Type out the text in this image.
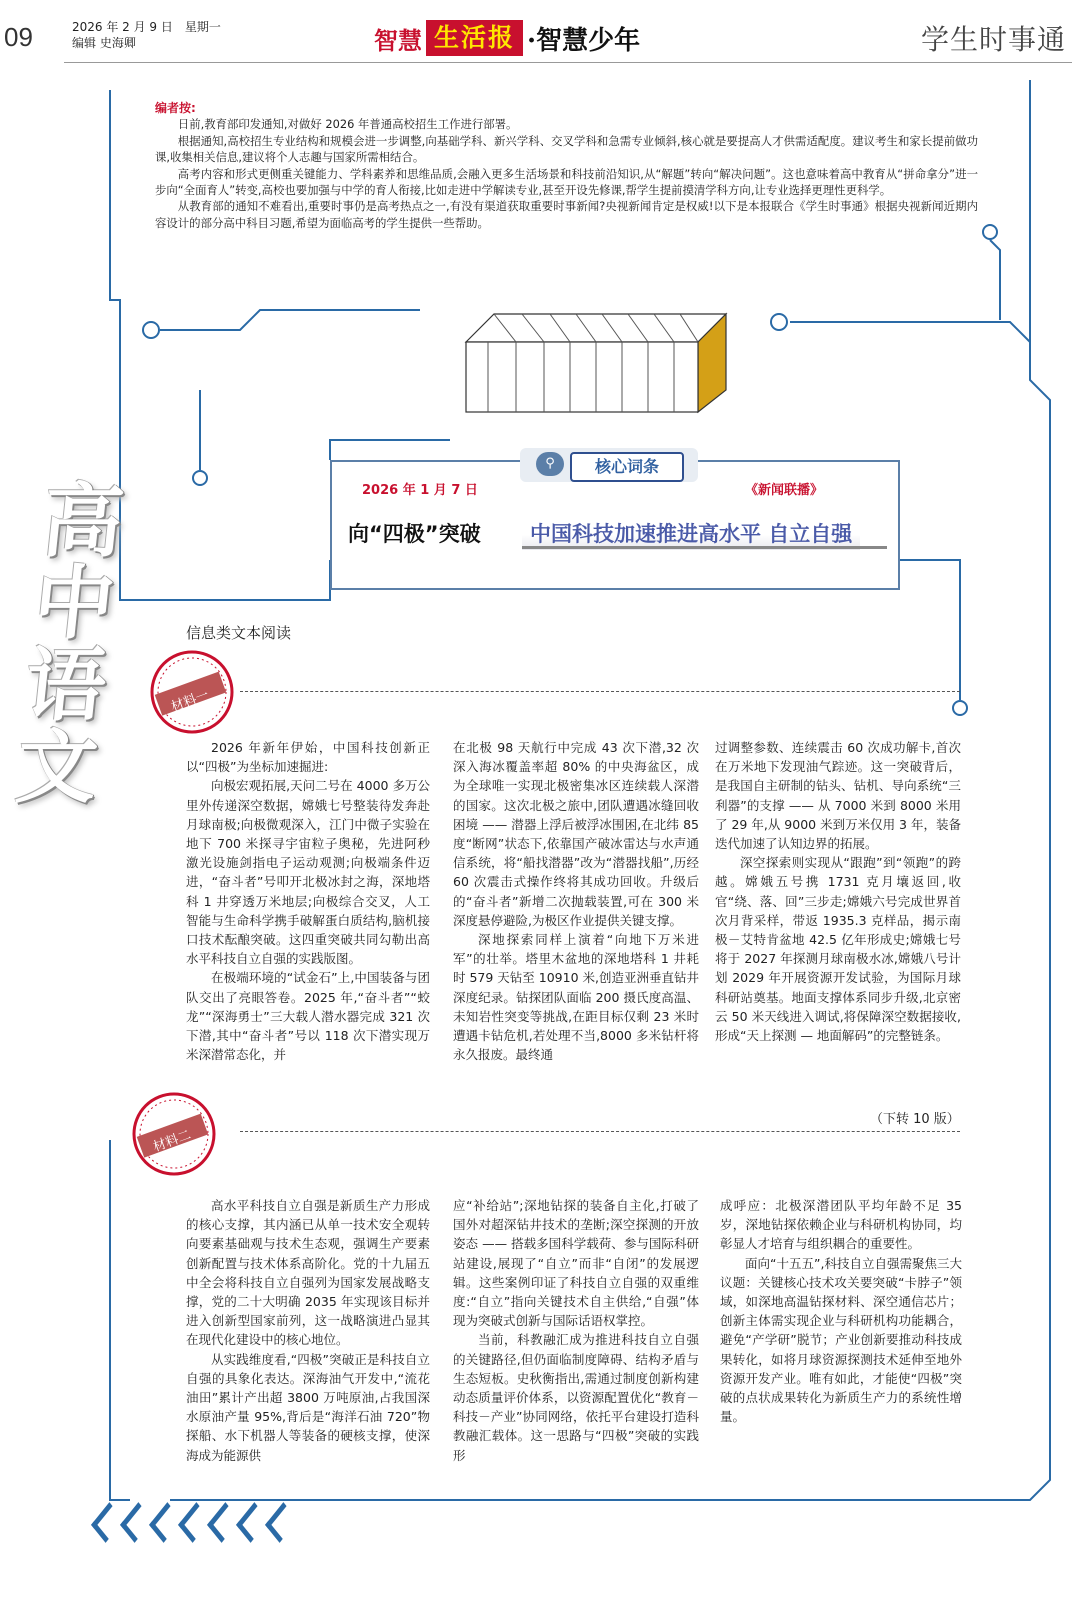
09	2026 年 2 月 9 日　星期一
编辑 史海卿	智慧 生活报 ·智慧少年	学生时事通
编者按:

日前,教育部印发通知,对做好 2026 年普通高校招生工作进行部署。

根据通知,高校招生专业结构和规模会进一步调整,向基础学科、新兴学科、交叉学科和急需专业倾斜,核心就是要提高人才供需适配度。建议考生和家长提前做功课,收集相关信息,建议将个人志趣与国家所需相结合。

高考内容和形式更侧重关键能力、学科素养和思维品质,会融入更多生活场景和科技前沿知识,从“解题”转向“解决问题”。这也意味着高中教育从“拼命拿分”进一步向“全面育人”转变,高校也要加强与中学的育人衔接,比如走进中学解读专业,甚至开设先修课,帮学生提前摸清学科方向,让专业选择更理性更科学。

从教育部的通知不难看出,重要时事仍是高考热点之一,有没有渠道获取重要时事新闻?央视新闻肯定是权威!以下是本报联合《学生时事通》根据央视新闻近期内容设计的部分高中科目习题,希望为面临高考的学生提供一些帮助。

高中语文
⚲	核心词条
2026 年 1 月 7 日	《新闻联播》
向“四极”突破	中国科技加速推进高水平 自立自强
信息类文本阅读
材料一

2026 年新年伊始，中国科技创新正以“四极”为坐标加速掘进:

向极宏观拓展,天问二号在 4000 多万公里外传递深空数据，嫦娥七号整装待发奔赴月球南极;向极微观深入，江门中微子实验在地下 700 米探寻宇宙粒子奥秘，先进阿秒激光设施剑指电子运动观测;向极端条件迈进，“奋斗者”号叩开北极冰封之海，深地塔科 1 井穿透万米地层;向极综合交叉，人工智能与生命科学携手破解蛋白质结构,脑机接口技术酝酿突破。这四重突破共同勾勒出高水平科技自立自强的实践版图。

在极端环境的“试金石”上,中国装备与团队交出了亮眼答卷。2025 年,“奋斗者”“蛟龙”“深海勇士”三大载人潜水器完成 321 次下潜,其中“奋斗者”号以 118 次下潜实现万米深潜常态化，并

在北极 98 天航行中完成 43 次下潜,32 次深入海冰覆盖率超 80% 的中央海盆区，成为全球唯一实现北极密集冰区连续载人深潜的国家。这次北极之旅中,团队遭遇冰缝回收困境 —— 潜器上浮后被浮冰围困,在北纬 85 度“断网”状态下,依靠国产破冰雷达与水声通信系统，将“船找潜器”改为“潜器找船”,历经 60 次震击式操作终将其成功回收。升级后的“奋斗者”新增二次抛载装置,可在 300 米深度悬停避险,为极区作业提供关键支撑。

深地探索同样上演着“向地下万米进军”的壮举。塔里木盆地的深地塔科 1 井耗时 579 天钻至 10910 米,创造亚洲垂直钻井深度纪录。钻探团队面临 200 摄氏度高温、未知岩性突变等挑战,在距目标仅剩 23 米时遭遇卡钻危机,若处理不当,8000 多米钻杆将永久报废。最终通

过调整参数、连续震击 60 次成功解卡,首次在万米地下发现油气踪迹。这一突破背后，是我国自主研制的钻头、钻机、导向系统“三利器”的支撑 —— 从 7000 米到 8000 米用了 29 年,从 9000 米到万米仅用 3 年，装备迭代加速了认知边界的拓展。

深空探索则实现从“跟跑”到“领跑”的跨越。嫦娥五号携 1731 克月壤返回,收官“绕、落、回”三步走;嫦娥六号完成世界首次月背采样，带返 1935.3 克样品，揭示南极－艾特肯盆地 42.5 亿年形成史;嫦娥七号将于 2027 年探测月球南极水冰,嫦娥八号计划 2029 年开展资源开发试验，为国际月球科研站奠基。地面支撑体系同步升级,北京密云 50 米天线进入调试,将保障深空数据接收,形成“天上探测 — 地面解码”的完整链条。

材料二

高水平科技自立自强是新质生产力形成的核心支撑，其内涵已从单一技术安全观转向要素基础观与技术生态观，强调生产要素创新配置与技术体系高阶化。党的十九届五中全会将科技自立自强列为国家发展战略支撑，党的二十大明确 2035 年实现该目标并进入创新型国家前列，这一战略演进凸显其在现代化建设中的核心地位。

从实践维度看,“四极”突破正是科技自立自强的具象化表达。深海油气开发中,“流花油田”累计产出超 3800 万吨原油,占我国深水原油产量 95%,背后是“海洋石油 720”物探船、水下机器人等装备的硬核支撑，使深海成为能源供

应“补给站”;深地钻探的装备自主化,打破了国外对超深钻井技术的垄断;深空探测的开放姿态 —— 搭载多国科学载荷、参与国际科研站建设,展现了“自立”而非“自闭”的发展逻辑。这些案例印证了科技自立自强的双重维度:“自立”指向关键技术自主供给,“自强”体现为突破式创新与国际话语权掌控。

当前，科教融汇成为推进科技自立自强的关键路径,但仍面临制度障碍、结构矛盾与生态短板。史秋衡指出,需通过制度创新构建动态质量评价体系，以资源配置优化“教育－科技－产业”协同网络，依托平台建设打造科教融汇载体。这一思路与“四极”突破的实践形

成呼应：北极深潜团队平均年龄不足 35 岁，深地钻探依赖企业与科研机构协同，均彰显人才培育与组织耦合的重要性。

面向“十五五”,科技自立自强需聚焦三大议题：关键核心技术攻关要突破“卡脖子”领域，如深地高温钻探材料、深空通信芯片；创新主体需实现企业与科研机构功能耦合，避免“产学研”脱节；产业创新要推动科技成果转化，如将月球资源探测技术延伸至地外资源开发产业。唯有如此，才能使“四极”突破的点状成果转化为新质生产力的系统性增量。

（下转 10 版）
